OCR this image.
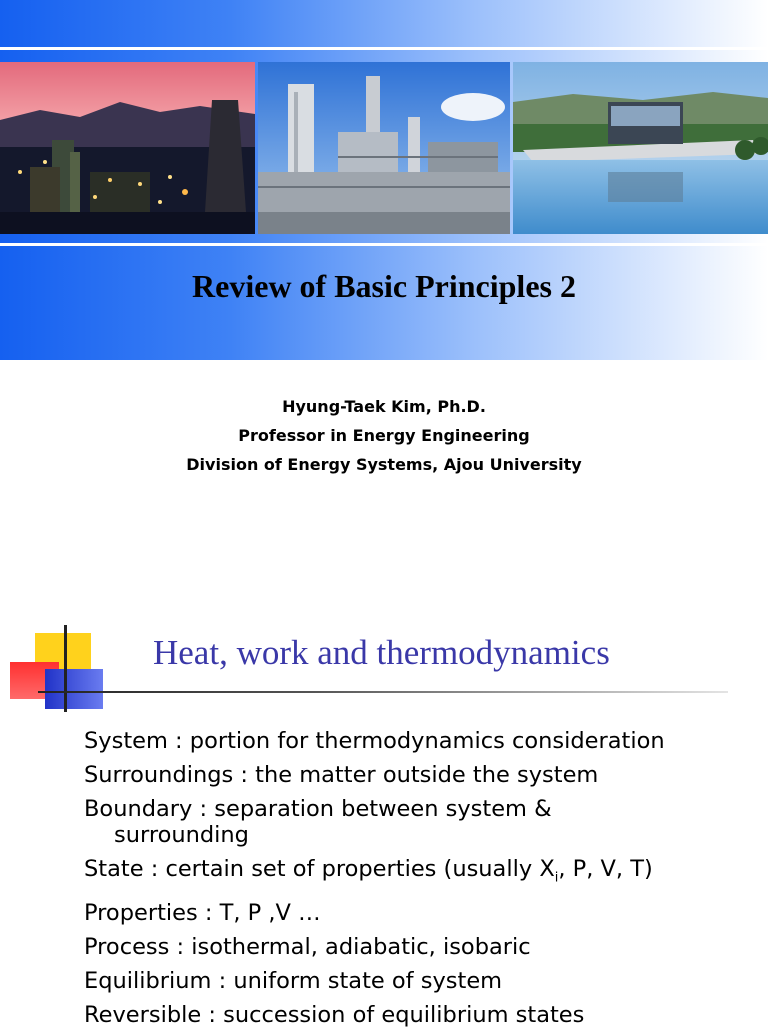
Review of Basic Principles 2
Hyung-Taek Kim, Ph.D.
Professor in Energy Engineering
Division of Energy Systems, Ajou University
Heat, work and thermodynamics
System : portion for thermodynamics consideration
Surroundings : the matter outside the system
Boundary : separation between system & surrounding
State : certain set of properties (usually $X_i$, P, V, T)
Properties : T, P ,V …
Process : isothermal, adiabatic, isobaric
Equilibrium : uniform state of system
Reversible : succession of equilibrium states
